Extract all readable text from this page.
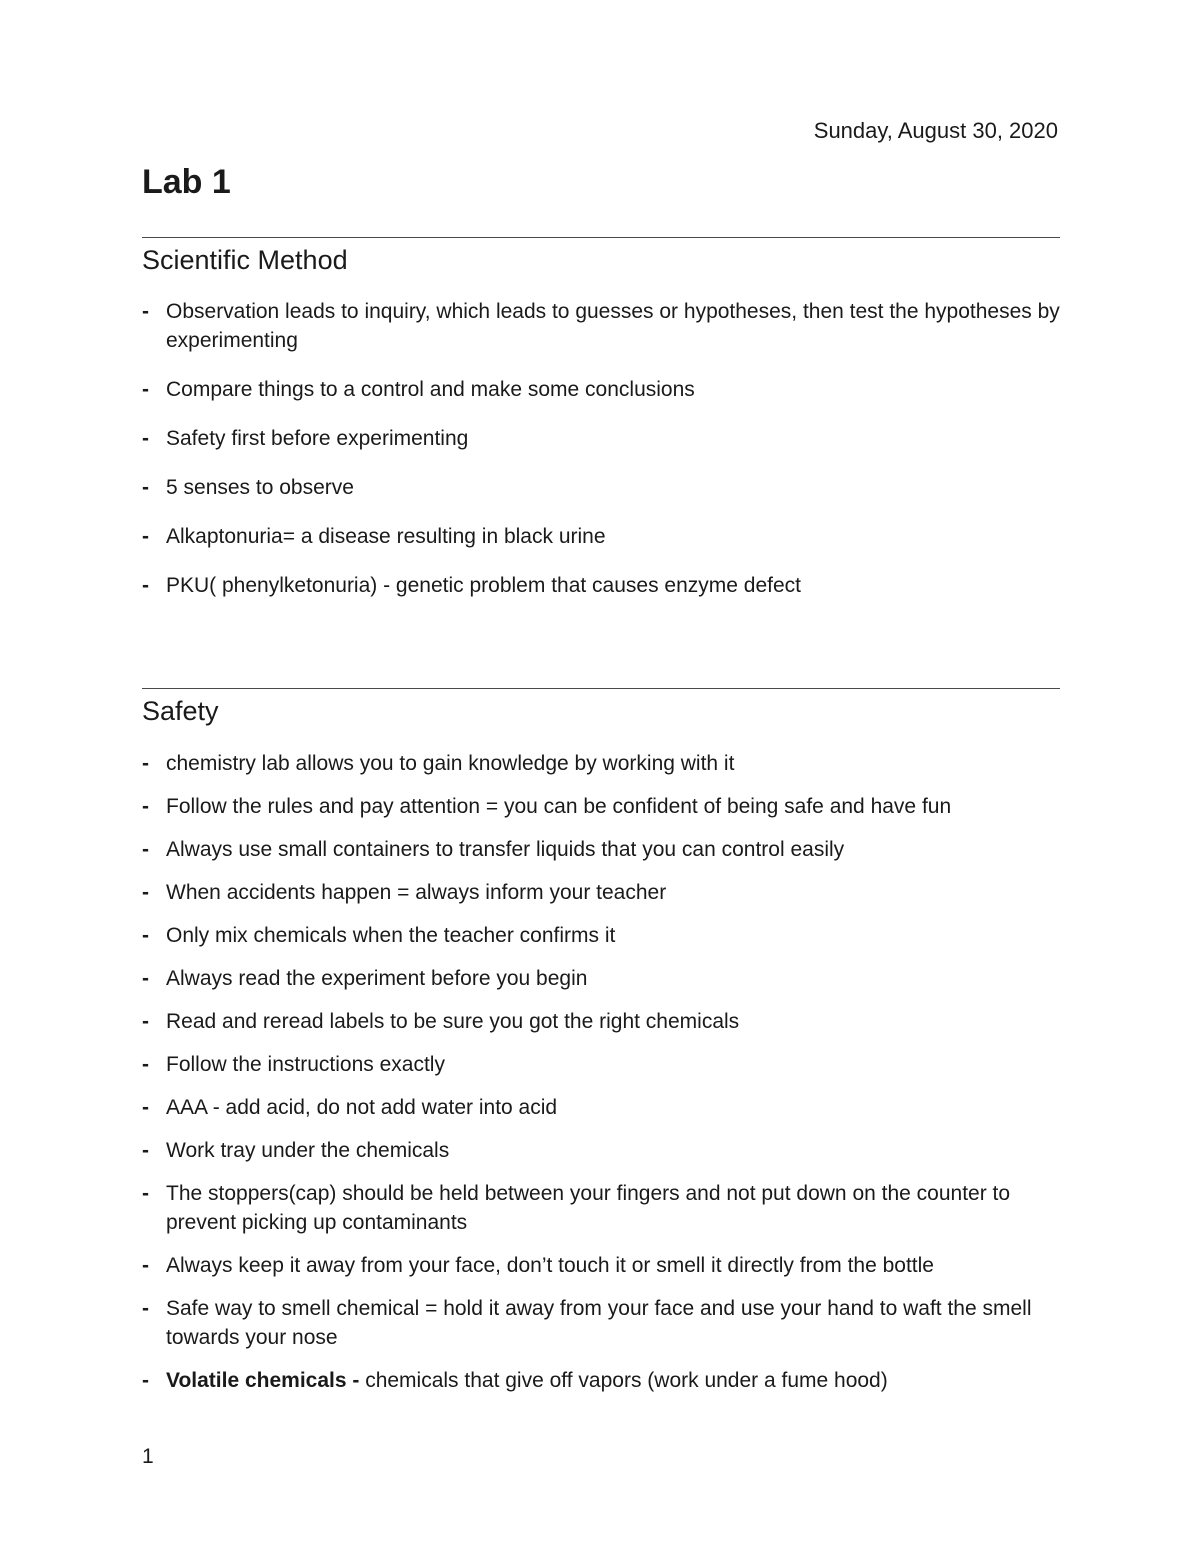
Sunday, August 30, 2020
Lab 1
Scientific Method
- Observation leads to inquiry, which leads to guesses or hypotheses, then test the hypotheses by experimenting
- Compare things to a control and make some conclusions
- Safety first before experimenting
- 5 senses to observe
- Alkaptonuria= a disease resulting in black urine
- PKU( phenylketonuria) - genetic problem that causes enzyme defect
Safety
- chemistry lab allows you to gain knowledge by working with it
- Follow the rules and pay attention = you can be confident of being safe and have fun
- Always use small containers to transfer liquids that you can control easily
- When accidents happen = always inform your teacher
- Only mix chemicals when the teacher confirms it
- Always read the experiment before you begin
- Read and reread labels to be sure you got the right chemicals
- Follow the instructions exactly
- AAA - add acid, do not add water into acid
- Work tray under the chemicals
- The stoppers(cap) should be held between your fingers and not put down on the counter to prevent picking up contaminants
- Always keep it away from your face, don’t touch it or smell it directly from the bottle
- Safe way to smell chemical = hold it away from your face and use your hand to waft the smell towards your nose
- Volatile chemicals - chemicals that give off vapors (work under a fume hood)
1
